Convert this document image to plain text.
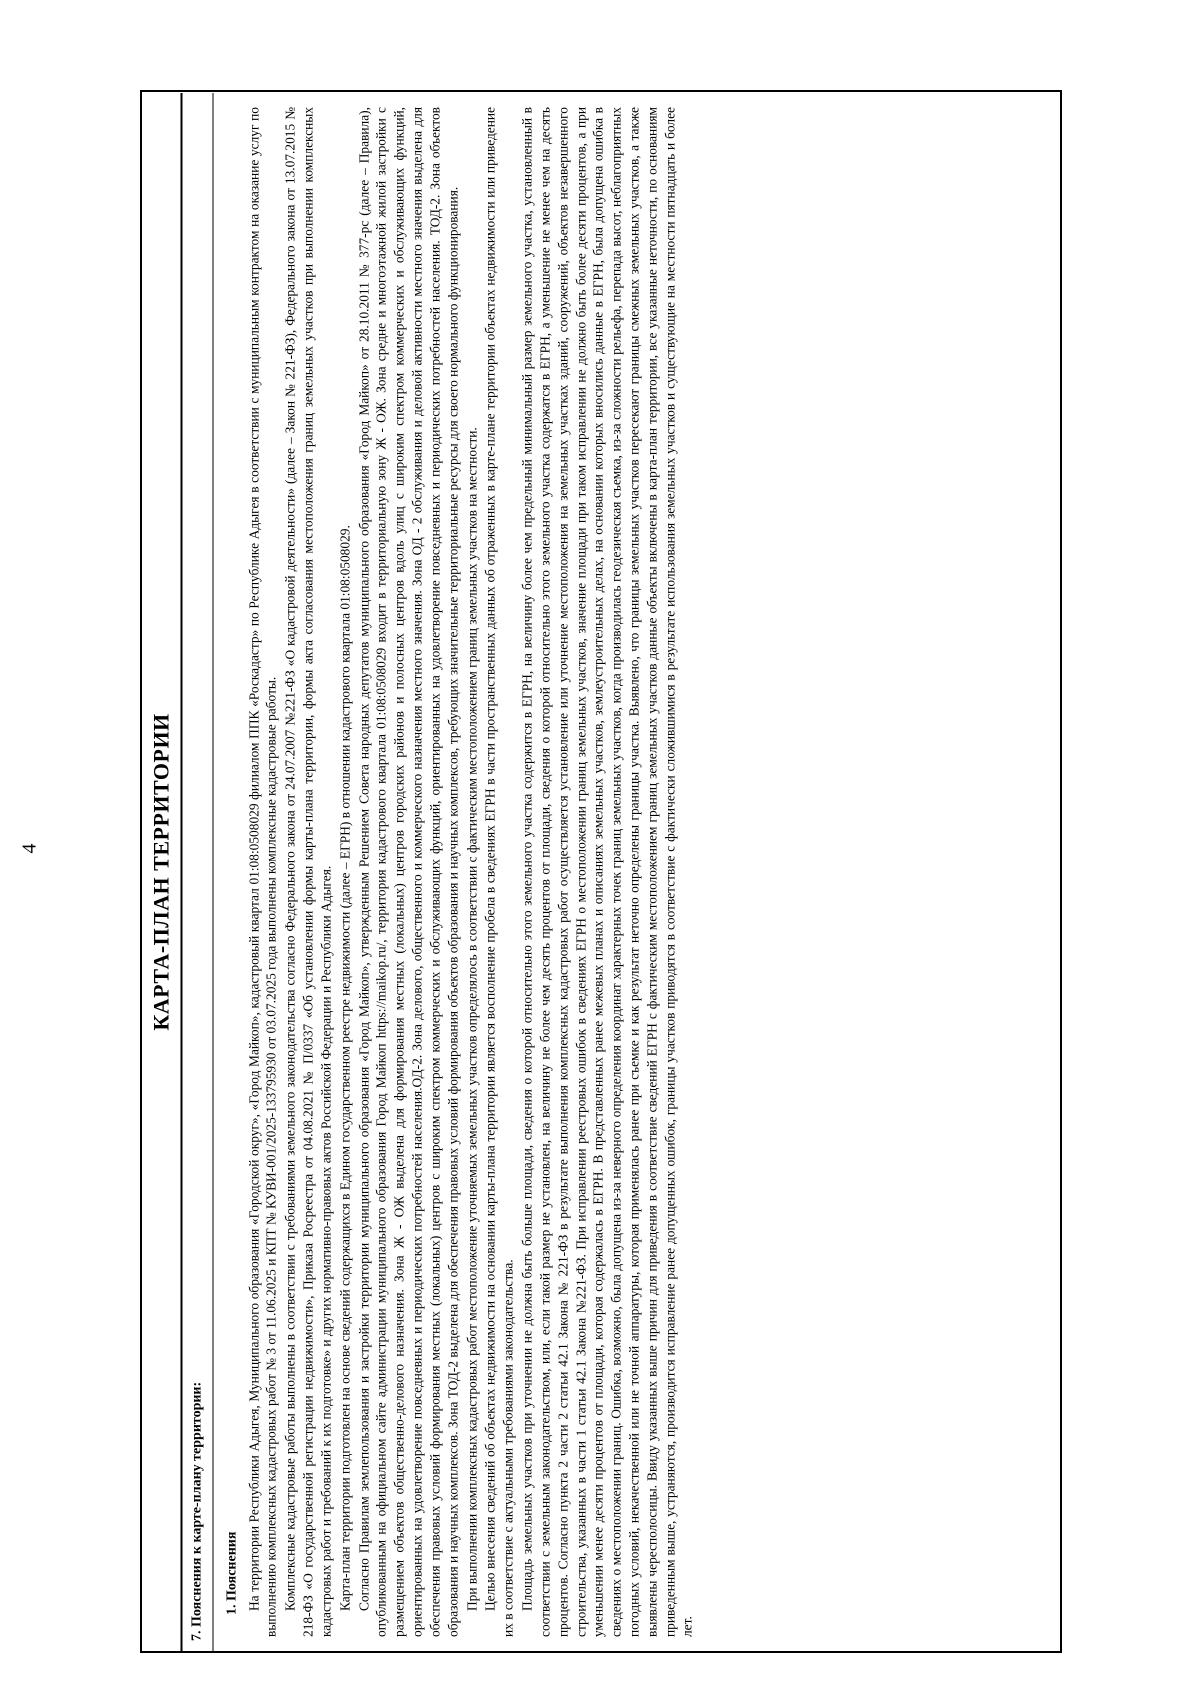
4	КАРТА-ПЛАН ТЕРРИТОРИИ
7. Пояснения к карте-плану территории:	1. Пояснения На территории Республики Адыгея, Муниципального образования «Городской округ», «Город Майкоп», кадастровый квартал 01:08:0508029 филиалом ППК «Роскадастр» по Республике Адыгея в соответствии с муниципальным контрактом на оказание услуг по выполнению комплексных кадастровых работ № 3 от 11.06.2025 и КПТ № КУВИ-001/2025-133795930 от 03.07.2025 года выполнены комплексные кадастровые работы. Комплексные кадастровые работы выполнены в соответствии с требованиями земельного законодательства согласно Федерального закона от 24.07.2007 №221-ФЗ «О кадастровой деятельности» (далее – Закон № 221-ФЗ), Федерального закона от 13.07.2015 № 218-ФЗ «О государственной регистрации недвижимости», Приказа Росреестра от 04.08.2021 № П/0337 «Об установлении формы карты-плана территории, формы акта согласования местоположения границ земельных участков при выполнении комплексных кадастровых работ и требований к их подготовке» и других нормативно-правовых актов Российской Федерации и Республики Адыгея. Карта-план территории подготовлен на основе сведений содержащихся в Едином государственном реестре недвижимости (далее – ЕГРН) в отношении кадастрового квартала 01:08:0508029. Согласно Правилам землепользования и застройки территории муниципального образования «Город Майкоп», утвержденным Решением Совета народных депутатов муниципального образования «Город Майкоп» от 28.10.2011 № 377-рс (далее – Правила), опубликованным на официальном сайте администрации муниципального образования Город Майкоп https://maikop.ru/, территория кадастрового квартала 01:08:0508029 входит в территориальную зону Ж - ОЖ. Зона средне и многоэтажной жилой застройки с размещением объектов общественно-делового назначения. Зона Ж - ОЖ выделена для формирования местных (локальных) центров городских районов и полосных центров вдоль улиц с широким спектром коммерческих и обслуживающих функций, ориентированных на удовлетворение повседневных и периодических потребностей населения.ОД-2. Зона делового, общественного и коммерческого назначения местного значения. Зона ОД - 2 обслуживания и деловой активности местного значения выделена для обеспечения правовых условий формирования местных (локальных) центров с широким спектром коммерческих и обслуживающих функций, ориентированных на удовлетворение повседневных и периодических потребностей населения. ТОД-2. Зона объектов образования и научных комплексов. Зона ТОД-2 выделена для обеспечения правовых условий формирования объектов образования и научных комплексов, требующих значительные территориальные ресурсы для своего нормального функционирования. При выполнении комплексных кадастровых работ местоположение уточняемых земельных участков определялось в соответствии с фактическим местоположением границ земельных участков на местности. Целью внесения сведений об объектах недвижимости на основании карты-плана территории является восполнение пробела в сведениях ЕГРН в части пространственных данных об отраженных в карте-плане территории объектах недвижимости или приведение их в соответствие с актуальными требованиями законодательства. Площадь земельных участков при уточнении не должна быть больше площади, сведения о которой относительно этого земельного участка содержится в ЕГРН, на величину более чем предельный минимальный размер земельного участка, установленный в соответствии с земельным законодательством, или, если такой размер не установлен, на величину не более чем десять процентов от площади, сведения о которой относительно этого земельного участка содержатся в ЕГРН, а уменьшение не менее чем на десять процентов. Согласно пункта 2 части 2 статьи 42.1 Закона № 221-ФЗ в результате выполнения комплексных кадастровых работ осуществляется установление или уточнение местоположения на земельных участках зданий, сооружений, объектов незавершенного строительства, указанных в части 1 статьи 42.1 Закона №221-ФЗ. При исправлении реестровых ошибок в сведениях ЕГРН о местоположении границ земельных участков, значение площади при таком исправлении не должно быть более десяти процентов, а при уменьшении менее десяти процентов от площади, которая содержалась в ЕГРН. В представленных ранее межевых планах и описаниях земельных участков, землеустроительных делах, на основании которых вносились данные в ЕГРН, была допущена ошибка в сведениях о местоположении границ. Ошибка, возможно, была допущена из-за неверного определения координат характерных точек границ земельных участков, когда производилась геодезическая съемка, из-за сложности рельефа, перепада высот, неблагоприятных погодных условий, некачественной или не точной аппаратуры, которая применялась ранее при съемке и как результат неточно определены границы участка. Выявлено, что границы земельных участков пересекают границы смежных земельных участков, а также выявлены чересполосицы. Ввиду указанных выше причин для приведения в соответствие сведений ЕГРН с фактическим местоположением границ земельных участков данные объекты включены в карта-план территории, все указанные неточности, по основаниям приведенным выше, устраняются, производится исправление ранее допущенных ошибок, границы участков приводятся в соответствие с фактически сложившимися в результате использования земельных участков и существующие на местности пятнадцать и более лет.
